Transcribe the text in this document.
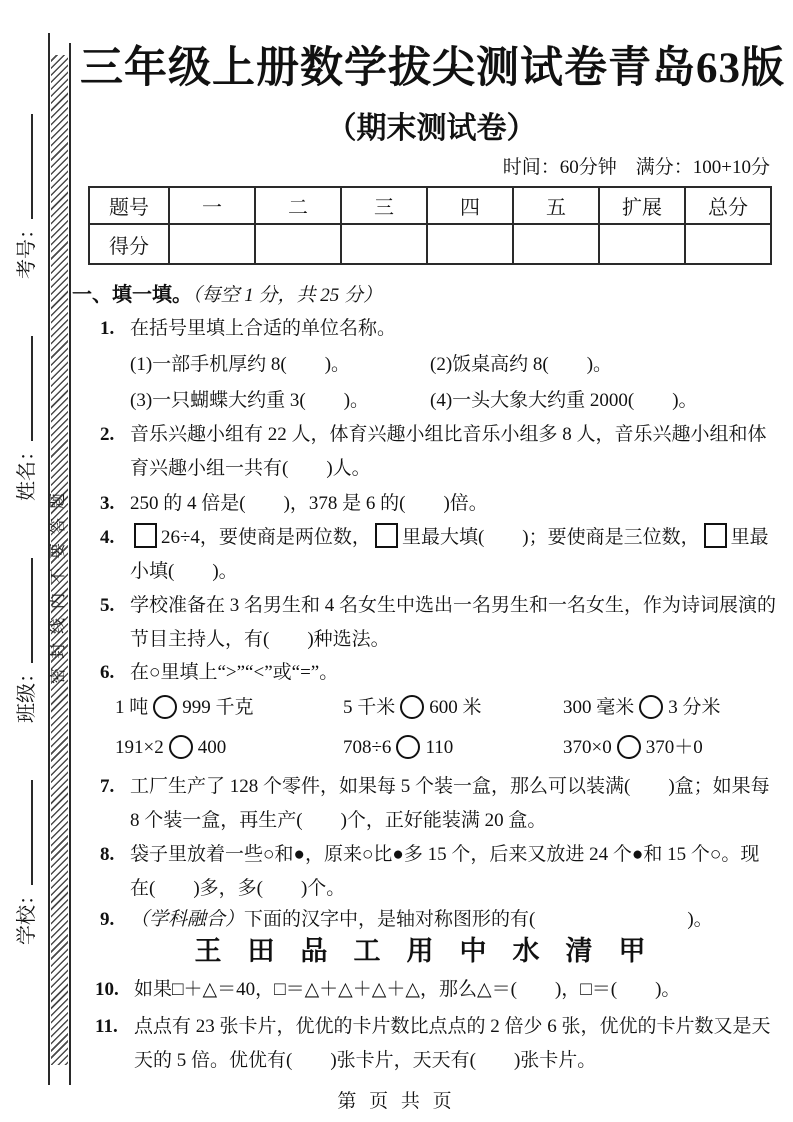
学校： 班级： 姓名： 考号：
密封线内不要答题
三年级上册数学拔尖测试卷青岛63版
（期末测试卷）
时间：60分钟　满分：100+10分
题号	一	二	三	四	五	扩展	总分
得分							
一、填一填。（每空 1 分，共 25 分）
1. 在括号里填上合适的单位名称。
(1)一部手机厚约 8(　　)。	(2)饭桌高约 8(　　)。
(3)一只蝴蝶大约重 3(　　)。	(4)一头大象大约重 2000(　　)。
2. 音乐兴趣小组有 22 人，体育兴趣小组比音乐小组多 8 人，音乐兴趣小组和体育兴趣小组一共有(　　)人。
3. 250 的 4 倍是(　　)，378 是 6 的(　　)倍。
4. 26÷4，要使商是两位数， 里最大填(　　)；要使商是三位数， 里最小填(　　)。
5. 学校准备在 3 名男生和 4 名女生中选出一名男生和一名女生，作为诗词展演的节目主持人，有(　　)种选法。
6. 在○里填上“>”“<”或“=”。
1 吨 999 千克	5 千米 600 米	300 毫米 3 分米
191×2 400	708÷6 110	370×0 370＋0
7. 工厂生产了 128 个零件，如果每 5 个装一盒，那么可以装满(　　)盒；如果每 8 个装一盒，再生产(　　)个，正好能装满 20 盒。
8. 袋子里放着一些○和●，原来○比●多 15 个，后来又放进 24 个●和 15 个○。现在(　　)多，多(　　)个。
9. （学科融合）下面的汉字中，是轴对称图形的有(　　　　　　　　)。
王田品工用中水清甲
10. 如果□＋△＝40，□＝△＋△＋△＋△，那么△＝(　　)，□＝(　　)。
11. 点点有 23 张卡片，优优的卡片数比点点的 2 倍少 6 张，优优的卡片数又是天天的 5 倍。优优有(　　)张卡片，天天有(　　)张卡片。
第 页 共 页
